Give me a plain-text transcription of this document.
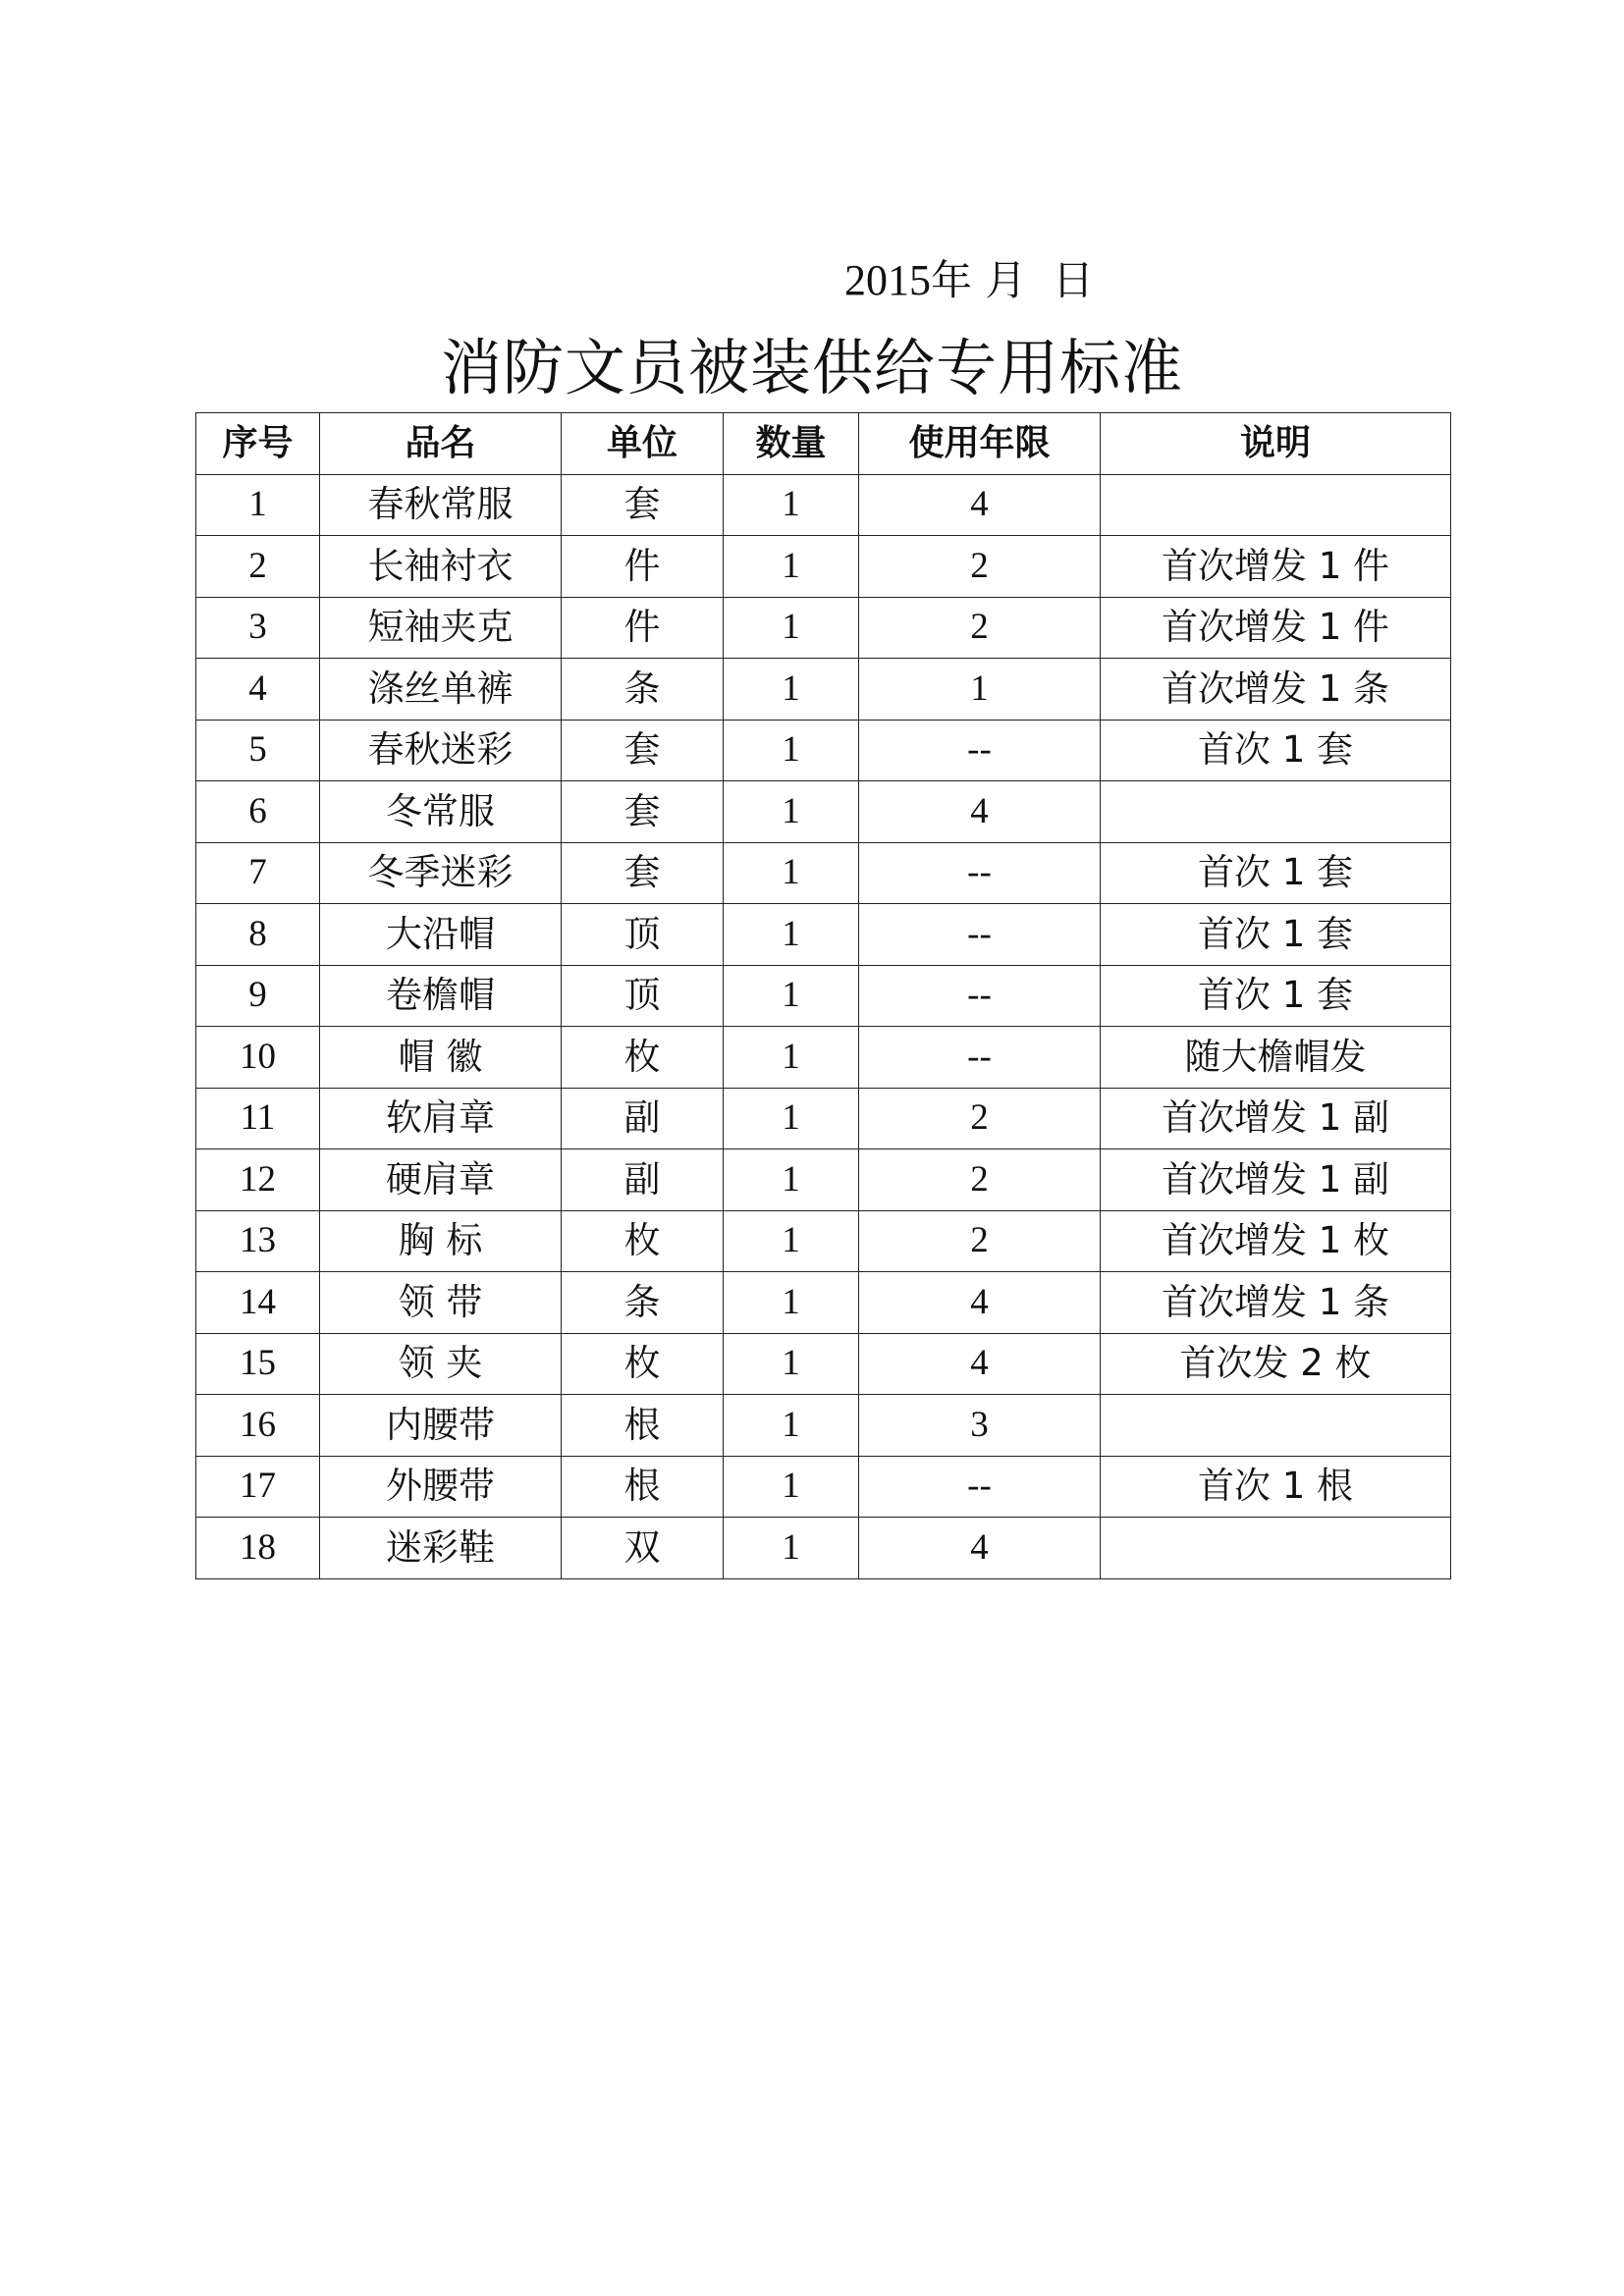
2015年 月  日
消防文员被装供给专用标准
序号	品名	单位	数量	使用年限	说明
1	春秋常服	套	1	4	
2	长袖衬衣	件	1	2	首次增发 1 件
3	短袖夹克	件	1	2	首次增发 1 件
4	涤丝单裤	条	1	1	首次增发 1 条
5	春秋迷彩	套	1	--	首次 1 套
6	冬常服	套	1	4	
7	冬季迷彩	套	1	--	首次 1 套
8	大沿帽	顶	1	--	首次 1 套
9	卷檐帽	顶	1	--	首次 1 套
10	帽 徽	枚	1	--	随大檐帽发
11	软肩章	副	1	2	首次增发 1 副
12	硬肩章	副	1	2	首次增发 1 副
13	胸 标	枚	1	2	首次增发 1 枚
14	领 带	条	1	4	首次增发 1 条
15	领 夹	枚	1	4	首次发 2 枚
16	内腰带	根	1	3	
17	外腰带	根	1	--	首次 1 根
18	迷彩鞋	双	1	4	
